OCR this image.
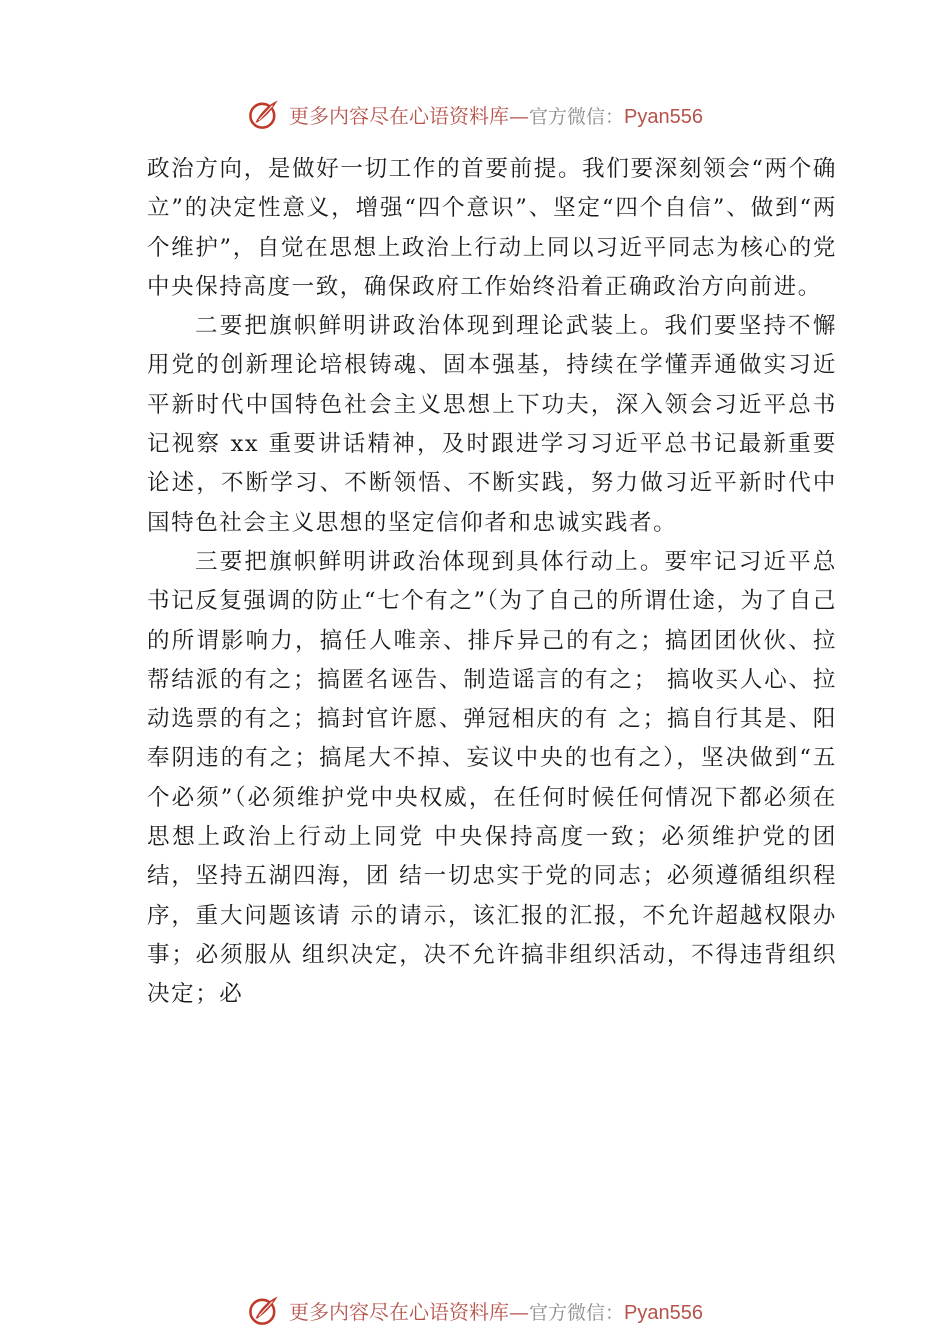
更多内容尽在心语资料库—官方微信：Pyan556

政治方向，是做好一切工作的首要前提。我们要深刻领会“两个确立”的决定性意义，增强“四个意识”、坚定“四个自信”、做到“两个维护”，自觉在思想上政治上行动上同以习近平同志为核心的党中央保持高度一致，确保政府工作始终沿着正确政治方向前进。

二要把旗帜鲜明讲政治体现到理论武装上。我们要坚持不懈用党的创新理论培根铸魂、固本强基，持续在学懂弄通做实习近平新时代中国特色社会主义思想上下功夫，深入领会习近平总书记视察 xx 重要讲话精神，及时跟进学习习近平总书记最新重要论述，不断学习、不断领悟、不断实践，努力做习近平新时代中国特色社会主义思想的坚定信仰者和忠诚实践者。

三要把旗帜鲜明讲政治体现到具体行动上。要牢记习近平总书记反复强调的防止“七个有之”（为了自己的所谓仕途，为了自己的所谓影响力，搞任人唯亲、排斥异己的有之；搞团团伙伙、拉帮结派的有之；搞匿名诬告、制造谣言的有之； 搞收买人心、拉动选票的有之；搞封官许愿、弹冠相庆的有 之；搞自行其是、阳奉阴违的有之；搞尾大不掉、妄议中央的也有之），坚决做到“五个必须”（必须维护党中央权威，在任何时候任何情况下都必须在思想上政治上行动上同党 中央保持高度一致；必须维护党的团结，坚持五湖四海，团 结一切忠实于党的同志；必须遵循组织程序，重大问题该请 示的请示，该汇报的汇报，不允许超越权限办事；必须服从 组织决定，决不允许搞非组织活动，不得违背组织决定；必

更多内容尽在心语资料库—官方微信：Pyan556
